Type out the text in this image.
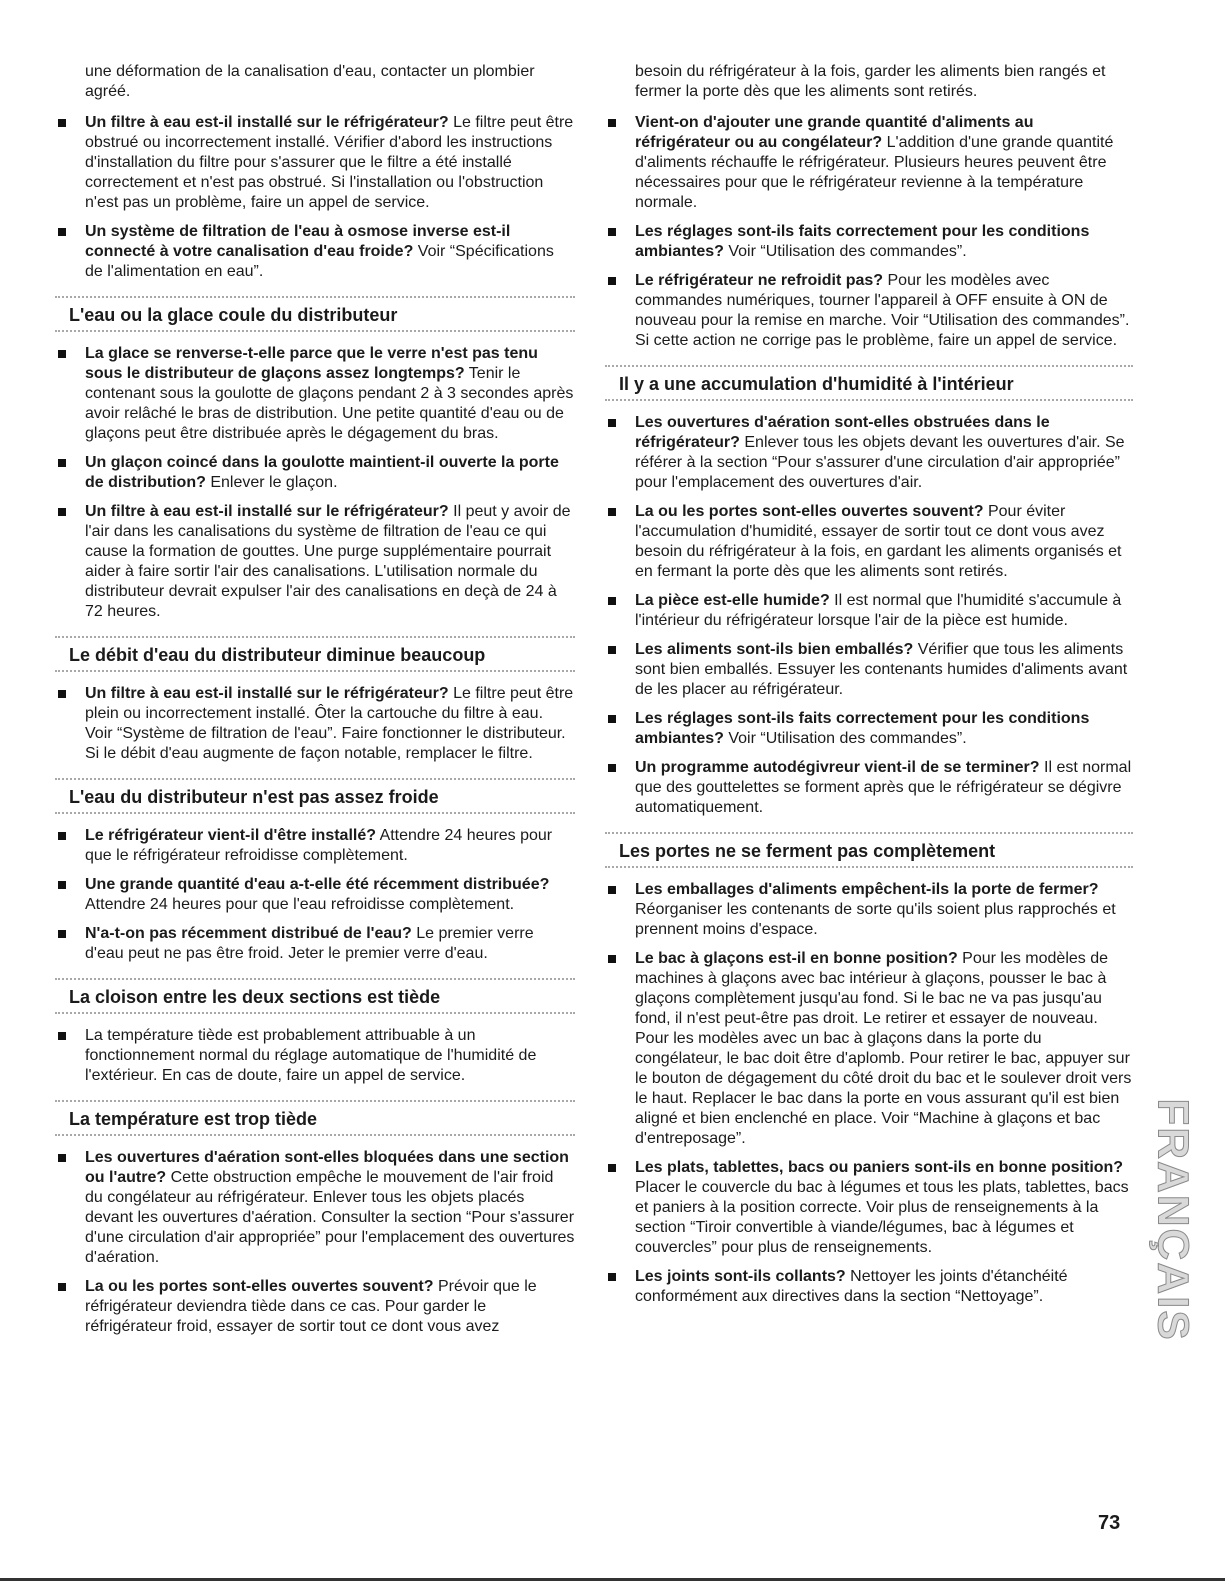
une déformation de la canalisation d'eau, contacter un plombier agréé.

Un filtre à eau est-il installé sur le réfrigérateur? Le filtre peut être obstrué ou incorrectement installé. Vérifier d'abord les instructions d'installation du filtre pour s'assurer que le filtre a été installé correctement et n'est pas obstrué. Si l'installation ou l'obstruction n'est pas un problème, faire un appel de service.
Un système de filtration de l'eau à osmose inverse est-il connecté à votre canalisation d'eau froide? Voir “Spécifications de l'alimentation en eau”.
L'eau ou la glace coule du distributeur
La glace se renverse-t-elle parce que le verre n'est pas tenu sous le distributeur de glaçons assez longtemps? Tenir le contenant sous la goulotte de glaçons pendant 2 à 3 secondes après avoir relâché le bras de distribution. Une petite quantité d'eau ou de glaçons peut être distribuée après le dégagement du bras.
Un glaçon coincé dans la goulotte maintient-il ouverte la porte de distribution? Enlever le glaçon.
Un filtre à eau est-il installé sur le réfrigérateur? Il peut y avoir de l'air dans les canalisations du système de filtration de l'eau ce qui cause la formation de gouttes. Une purge supplémentaire pourrait aider à faire sortir l'air des canalisations. L'utilisation normale du distributeur devrait expulser l'air des canalisations en deçà de 24 à 72 heures.
Le débit d'eau du distributeur diminue beaucoup
Un filtre à eau est-il installé sur le réfrigérateur? Le filtre peut être plein ou incorrectement installé. Ôter la cartouche du filtre à eau. Voir “Système de filtration de l'eau”. Faire fonctionner le distributeur. Si le débit d'eau augmente de façon notable, remplacer le filtre.
L'eau du distributeur n'est pas assez froide
Le réfrigérateur vient-il d'être installé? Attendre 24 heures pour que le réfrigérateur refroidisse complètement.
Une grande quantité d'eau a-t-elle été récemment distribuée? Attendre 24 heures pour que l'eau refroidisse complètement.
N'a-t-on pas récemment distribué de l'eau? Le premier verre d'eau peut ne pas être froid. Jeter le premier verre d'eau.
La cloison entre les deux sections est tiède
La température tiède est probablement attribuable à un fonctionnement normal du réglage automatique de l'humidité de l'extérieur. En cas de doute, faire un appel de service.
La température est trop tiède
Les ouvertures d'aération sont-elles bloquées dans une section ou l'autre? Cette obstruction empêche le mouvement de l'air froid du congélateur au réfrigérateur. Enlever tous les objets placés devant les ouvertures d'aération. Consulter la section “Pour s'assurer d'une circulation d'air appropriée” pour l'emplacement des ouvertures d'aération.
La ou les portes sont-elles ouvertes souvent? Prévoir que le réfrigérateur deviendra tiède dans ce cas. Pour garder le réfrigérateur froid, essayer de sortir tout ce dont vous avez

besoin du réfrigérateur à la fois, garder les aliments bien rangés et fermer la porte dès que les aliments sont retirés.

Vient-on d'ajouter une grande quantité d'aliments au réfrigérateur ou au congélateur? L'addition d'une grande quantité d'aliments réchauffe le réfrigérateur. Plusieurs heures peuvent être nécessaires pour que le réfrigérateur revienne à la température normale.
Les réglages sont-ils faits correctement pour les conditions ambiantes? Voir “Utilisation des commandes”.
Le réfrigérateur ne refroidit pas? Pour les modèles avec commandes numériques, tourner l'appareil à OFF ensuite à ON de nouveau pour la remise en marche. Voir “Utilisation des commandes”. Si cette action ne corrige pas le problème, faire un appel de service.
Il y a une accumulation d'humidité à l'intérieur
Les ouvertures d'aération sont-elles obstruées dans le réfrigérateur? Enlever tous les objets devant les ouvertures d'air. Se référer à la section “Pour s'assurer d'une circulation d'air appropriée” pour l'emplacement des ouvertures d'air.
La ou les portes sont-elles ouvertes souvent? Pour éviter l'accumulation d'humidité, essayer de sortir tout ce dont vous avez besoin du réfrigérateur à la fois, en gardant les aliments organisés et en fermant la porte dès que les aliments sont retirés.
La pièce est-elle humide? Il est normal que l'humidité s'accumule à l'intérieur du réfrigérateur lorsque l'air de la pièce est humide.
Les aliments sont-ils bien emballés? Vérifier que tous les aliments sont bien emballés. Essuyer les contenants humides d'aliments avant de les placer au réfrigérateur.
Les réglages sont-ils faits correctement pour les conditions ambiantes? Voir “Utilisation des commandes”.
Un programme autodégivreur vient-il de se terminer? Il est normal que des gouttelettes se forment après que le réfrigérateur se dégivre automatiquement.
Les portes ne se ferment pas complètement
Les emballages d'aliments empêchent-ils la porte de fermer? Réorganiser les contenants de sorte qu'ils soient plus rapprochés et prennent moins d'espace.
Le bac à glaçons est-il en bonne position? Pour les modèles de machines à glaçons avec bac intérieur à glaçons, pousser le bac à glaçons complètement jusqu'au fond. Si le bac ne va pas jusqu'au fond, il n'est peut-être pas droit. Le retirer et essayer de nouveau. Pour les modèles avec un bac à glaçons dans la porte du congélateur, le bac doit être d'aplomb. Pour retirer le bac, appuyer sur le bouton de dégagement du côté droit du bac et le soulever droit vers le haut. Replacer le bac dans la porte en vous assurant qu'il est bien aligné et bien enclenché en place. Voir “Machine à glaçons et bac d'entreposage”.
Les plats, tablettes, bacs ou paniers sont-ils en bonne position? Placer le couvercle du bac à légumes et tous les plats, tablettes, bacs et paniers à la position correcte. Voir plus de renseignements à la section “Tiroir convertible à viande/légumes, bac à légumes et couvercles” pour plus de renseignements.
Les joints sont-ils collants? Nettoyer les joints d'étanchéité conformément aux directives dans la section “Nettoyage”.	FRANÇAIS
73
